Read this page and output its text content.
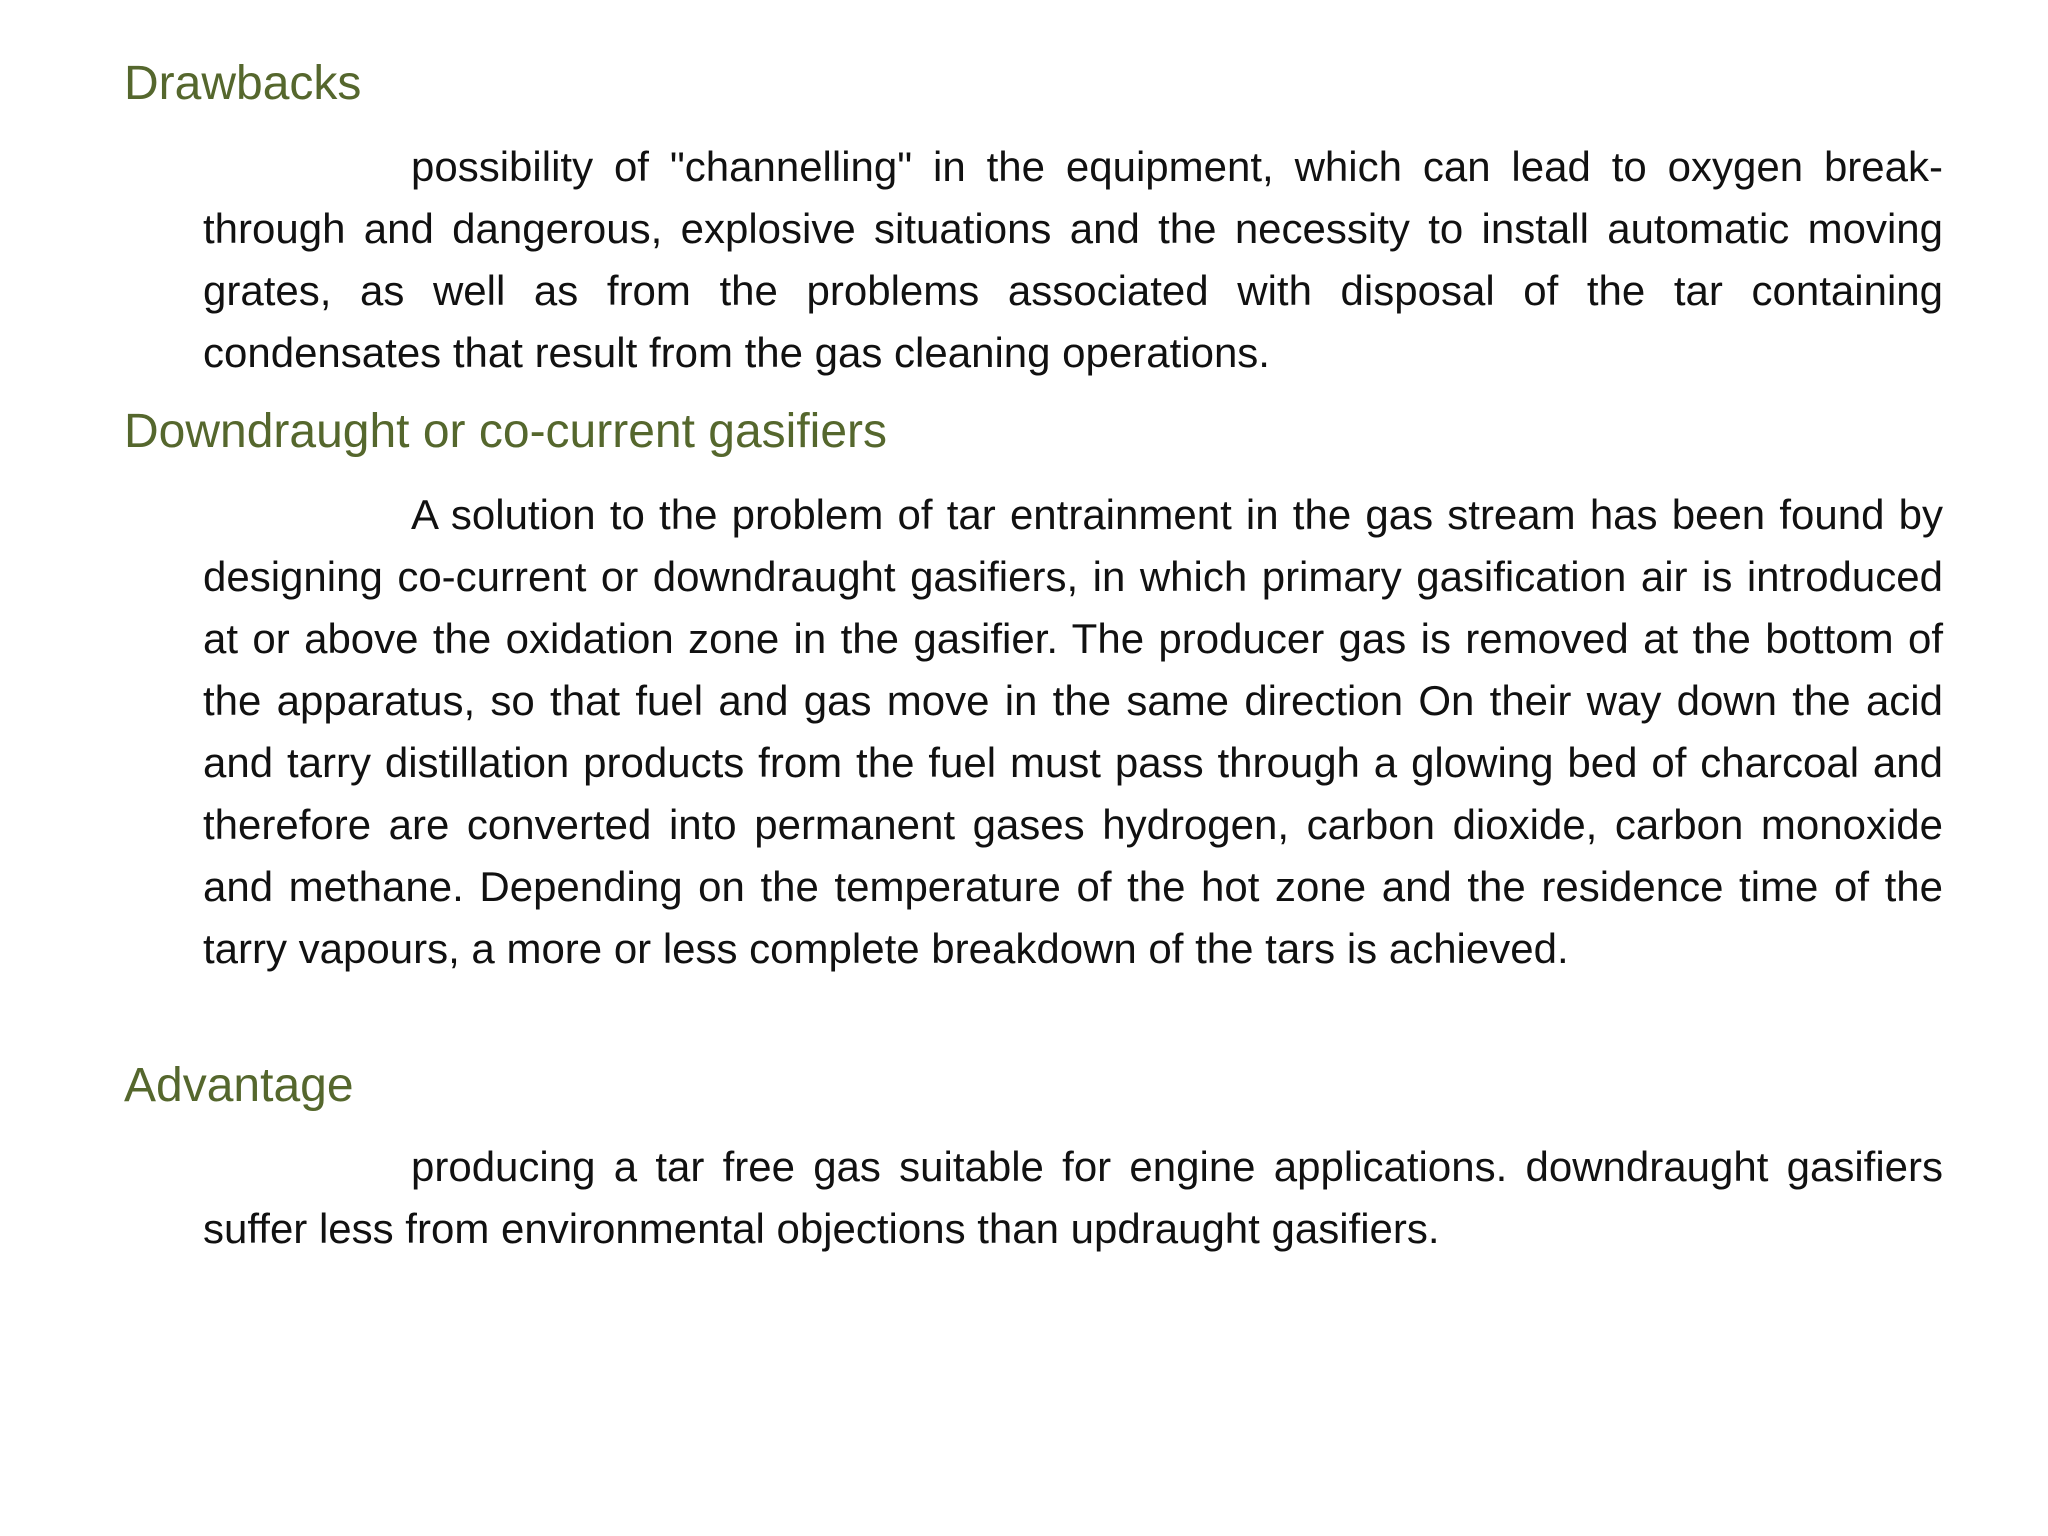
Drawbacks

possibility of "channelling" in the equipment, which can lead to oxygen break-through and dangerous, explosive situations and the necessity to install automatic moving grates, as well as from the problems associated with disposal of the tar containing condensates that result from the gas cleaning operations.

Downdraught or co-current gasifiers

A solution to the problem of tar entrainment in the gas stream has been found by designing co-current or downdraught gasifiers, in which primary gasification air is introduced at or above the oxidation zone in the gasifier. The producer gas is removed at the bottom of the apparatus, so that fuel and gas move in the same direction On their way down the acid and tarry distillation products from the fuel must pass through a glowing bed of charcoal and therefore are converted into permanent gases hydrogen, carbon dioxide, carbon monoxide and methane. Depending on the temperature of the hot zone and the residence time of the tarry vapours, a more or less complete breakdown of the tars is achieved.

Advantage

producing a tar free gas suitable for engine applications. downdraught gasifiers suffer less from environmental objections than updraught gasifiers.
